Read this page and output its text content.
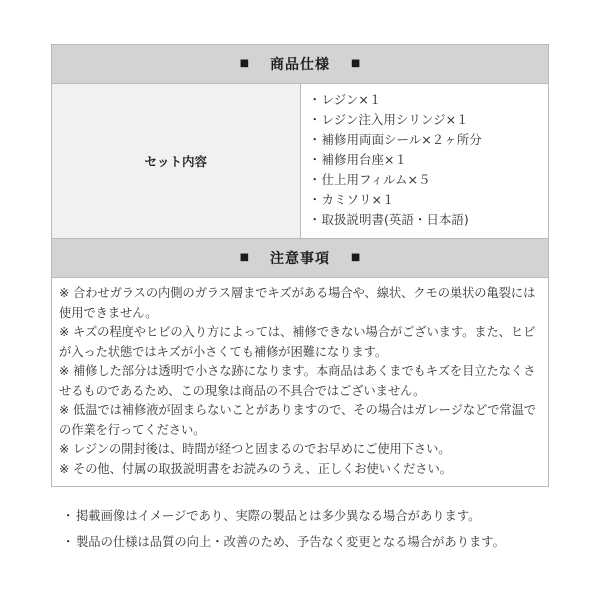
■ 商品仕様 ■
セット内容	
・レジン×１
・レジン注入用シリンジ×１
・補修用両面シール×２ヶ所分
・補修用台座×１
・仕上用フィルム×５
・カミソリ×１
・取扱説明書(英語・日本語)

■ 注意事項 ■

※ 合わせガラスの内側のガラス層までキズがある場合や、線状、クモの巣状の亀裂には使用できません。
※ キズの程度やヒビの入り方によっては、補修できない場合がございます。また、ヒビが入った状態ではキズが小さくても補修が困難になります。
※ 補修した部分は透明で小さな跡になります。本商品はあくまでもキズを目立たなくさせるものであるため、この現象は商品の不具合ではございません。
※ 低温では補修液が固まらないことがありますので、その場合はガレージなどで常温での作業を行ってください。
※ レジンの開封後は、時間が経つと固まるのでお早めにご使用下さい。
※ その他、付属の取扱説明書をお読みのうえ、正しくお使いください。
・ 掲載画像はイメージであり、実際の製品とは多少異なる場合があります。
・ 製品の仕様は品質の向上・改善のため、予告なく変更となる場合があります。
